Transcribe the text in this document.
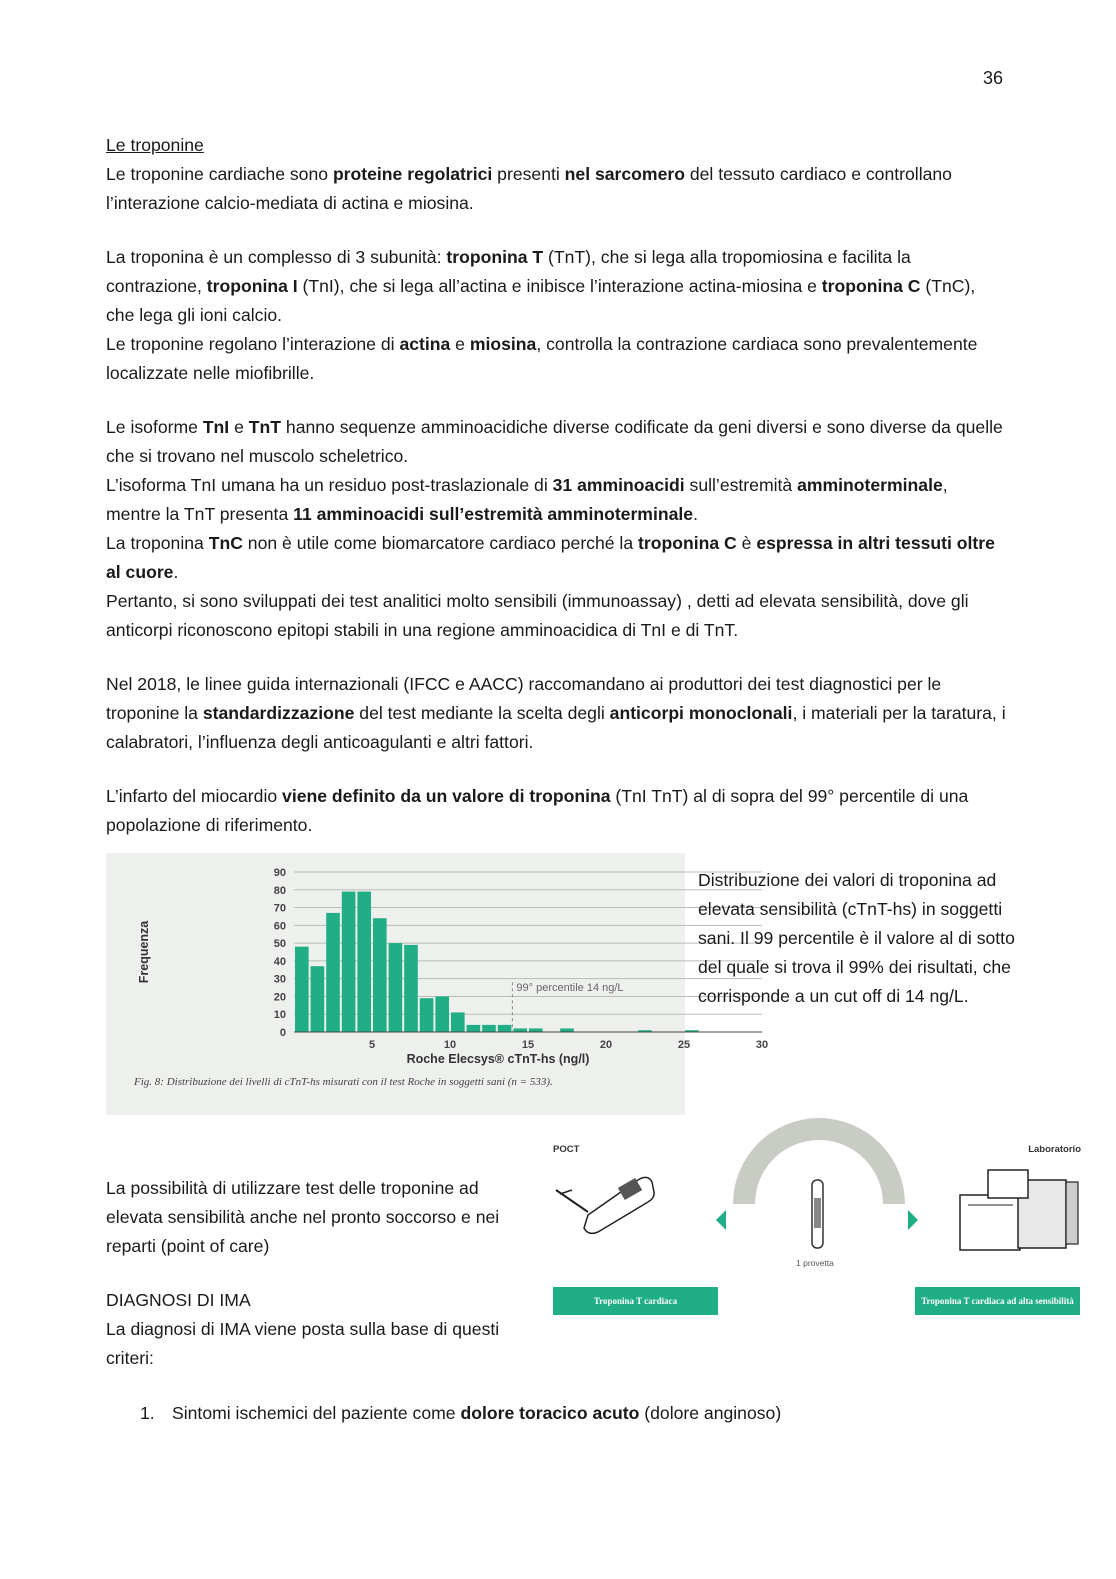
36

Le troponine

Le troponine cardiache sono proteine regolatrici presenti nel sarcomero del tessuto cardiaco e controllano l’interazione calcio-mediata di actina e miosina.

La troponina è un complesso di 3 subunità: troponina T (TnT), che si lega alla tropomiosina e facilita la contrazione, troponina I (TnI), che si lega all’actina e inibisce l’interazione actina-miosina e troponina C (TnC), che lega gli ioni calcio.

Le troponine regolano l’interazione di actina e miosina, controlla la contrazione cardiaca sono prevalentemente localizzate nelle miofibrille.

Le isoforme TnI e TnT hanno sequenze amminoacidiche diverse codificate da geni diversi e sono diverse da quelle che si trovano nel muscolo scheletrico.

L’isoforma TnI umana ha un residuo post-traslazionale di 31 amminoacidi sull’estremità amminoterminale, mentre la TnT presenta 11 amminoacidi sull’estremità amminoterminale.

La troponina TnC non è utile come biomarcatore cardiaco perché la troponina C è espressa in altri tessuti oltre al cuore.

Pertanto, si sono sviluppati dei test analitici molto sensibili (immunoassay) , detti ad elevata sensibilità, dove gli anticorpi riconoscono epitopi stabili in una regione amminoacidica di TnI e di TnT.

Nel 2018, le linee guida internazionali (IFCC e AACC) raccomandano ai produttori dei test diagnostici per le troponine la standardizzazione del test mediante la scelta degli anticorpi monoclonali, i materiali per la taratura, i calabratori, l’influenza degli anticoagulanti e altri fattori.

L’infarto del miocardio viene definito da un valore di troponina (TnI TnT) al di sopra del 99° percentile di una popolazione di riferimento.

0
10
20
30
40
50
60
70
80
90
5	10	15	20	25	30
99° percentile 14 ng/L
Roche Elecsys® cTnT-hs (ng/l)
Frequenza
Fig. 8: Distribuzione dei livelli di cTnT-hs misurati con il test Roche in soggetti sani (n = 533).
Distribuzione dei valori di troponina ad elevata sensibilità (cTnT-hs) in soggetti sani. Il 99 percentile è il valore al di sotto del quale si trova il 99% dei risultati, che corrisponde a un cut off di 14 ng/L.

La possibilità di utilizzare test delle troponine ad elevata sensibilità anche nel pronto soccorso e nei reparti (point of care)

DIAGNOSI DI IMA

La diagnosi di IMA viene posta sulla base di questi criteri:

POCT	Laboratorio
1 provetta
Troponina T cardiaca	Troponina T cardiaca ad alta sensibilità
1. Sintomi ischemici del paziente come dolore toracico acuto (dolore anginoso)
